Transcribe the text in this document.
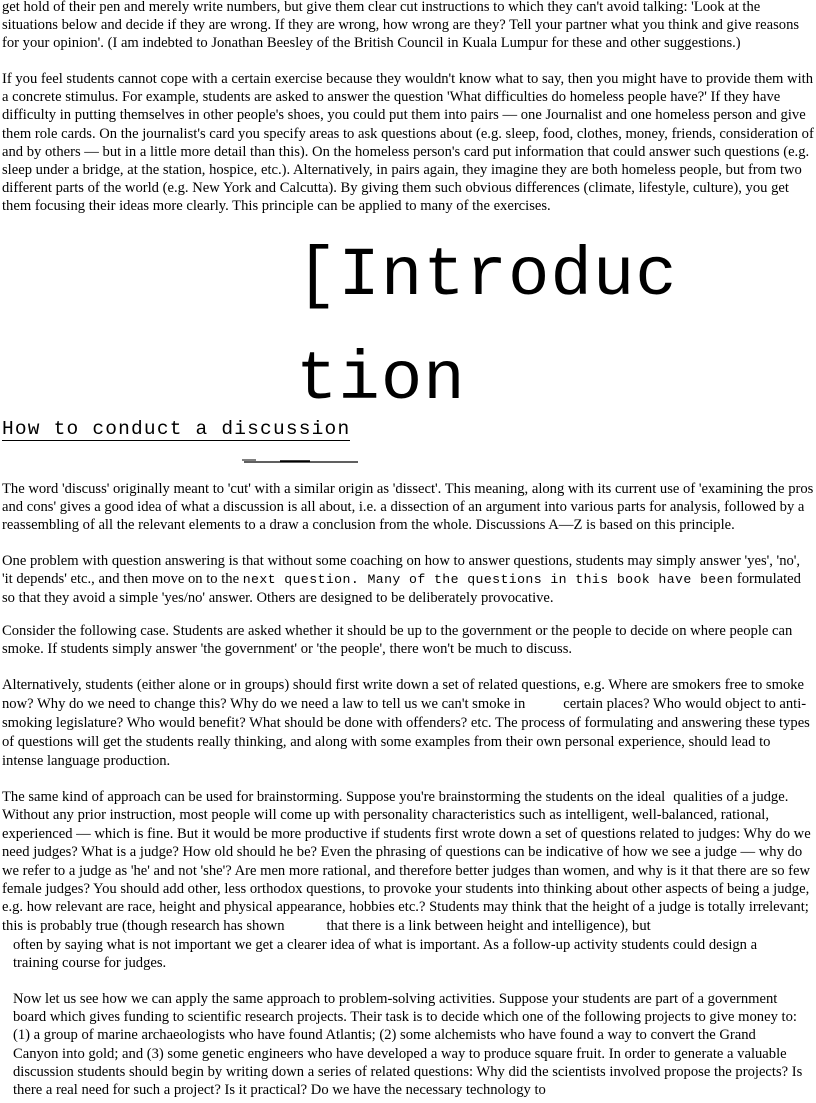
get hold of their pen and merely write numbers, but give them clear cut instructions to which they can't avoid talking: 'Look at the situations below and decide if they are wrong. If they are wrong, how wrong are they? Tell your partner what you think and give reasons for your opinion'. (I am indebted to Jonathan Beesley of the British Council in Kuala Lumpur for these and other suggestions.)

If you feel students cannot cope with a certain exercise because they wouldn't know what to say, then you might have to provide them with a concrete stimulus. For example, students are asked to answer the question 'What difficulties do homeless people have?' If they have difficulty in putting themselves in other people's shoes, you could put them into pairs — one Journalist and one homeless person and give them role cards. On the journalist's card you specify areas to ask questions about (e.g. sleep, food, clothes, money, friends, consideration of and by others — but in a little more detail than this). On the homeless person's card put information that could answer such questions (e.g. sleep under a bridge, at the station, hospice, etc.). Alternatively, in pairs again, they imagine they are both homeless people, but from two different parts of the world (e.g. New York and Calcutta). By giving them such obvious differences (climate, lifestyle, culture), you get them focusing their ideas more clearly. This principle can be applied to many of the exercises.

[Introduc
tion
How to conduct a discussion

The word 'discuss' originally meant to 'cut' with a similar origin as 'dissect'. This meaning, along with its current use of 'examining the pros and cons' gives a good idea of what a discussion is all about, i.e. a dissection of an argument into various parts for analysis, followed by a reassembling of all the relevant elements to a draw a conclusion from the whole. Discussions A—Z is based on this principle.

One problem with question answering is that without some coaching on how to answer questions, students may simply answer 'yes', 'no', 'it depends' etc., and then move on to the next question. Many of the questions in this book have been formulated so that they avoid a simple 'yes/no' answer. Others are designed to be deliberately provocative.

Consider the following case. Students are asked whether it should be up to the government or the people to decide on where people can smoke. If students simply answer 'the government' or 'the people', there won't be much to discuss.

Alternatively, students (either alone or in groups) should first write down a set of related questions, e.g. Where are smokers free to smoke now? Why do we need to change this? Why do we need a law to tell us we can't smoke in	certain places? Who would object to anti-smoking legislature? Who would benefit? What should be done with offenders? etc. The process of formulating and answering these types of questions will get the students really thinking, and along with some examples from their own personal experience, should lead to intense language production.

The same kind of approach can be used for brainstorming. Suppose you're brainstorming the students on the ideal qualities of a judge. Without any prior instruction, most people will come up with personality characteristics such as intelligent, well-balanced, rational, experienced — which is fine. But it would be more productive if students first wrote down a set of questions related to judges: Why do we need judges? What is a judge? How old should he be? Even the phrasing of questions can be indicative of how we see a judge — why do we refer to a judge as 'he' and not 'she'? Are men more rational, and therefore better judges than women, and why is it that there are so few female judges? You should add other, less orthodox questions, to provoke your students into thinking about other aspects of being a judge, e.g. how relevant are race, height and physical appearance, hobbies etc.? Students may think that the height of a judge is totally irrelevant; this is probably true (though research has shown	that there is a link between height and intelligence), but

often by saying what is not important we get a clearer idea of what is important. As a follow-up activity students could design a training course for judges.

Now let us see how we can apply the same approach to problem-solving activities. Suppose your students are part of a government board which gives funding to scientific research projects. Their task is to decide which one of the following projects to give money to: (1) a group of marine archaeologists who have found Atlantis; (2) some alchemists who have found a way to convert the Grand Canyon into gold; and (3) some genetic engineers who have developed a way to produce square fruit. In order to generate a valuable discussion students should begin by writing down a series of related questions: Why did the scientists involved propose the projects? Is there a real need for such a project? Is it practical? Do we have the necessary technology to
